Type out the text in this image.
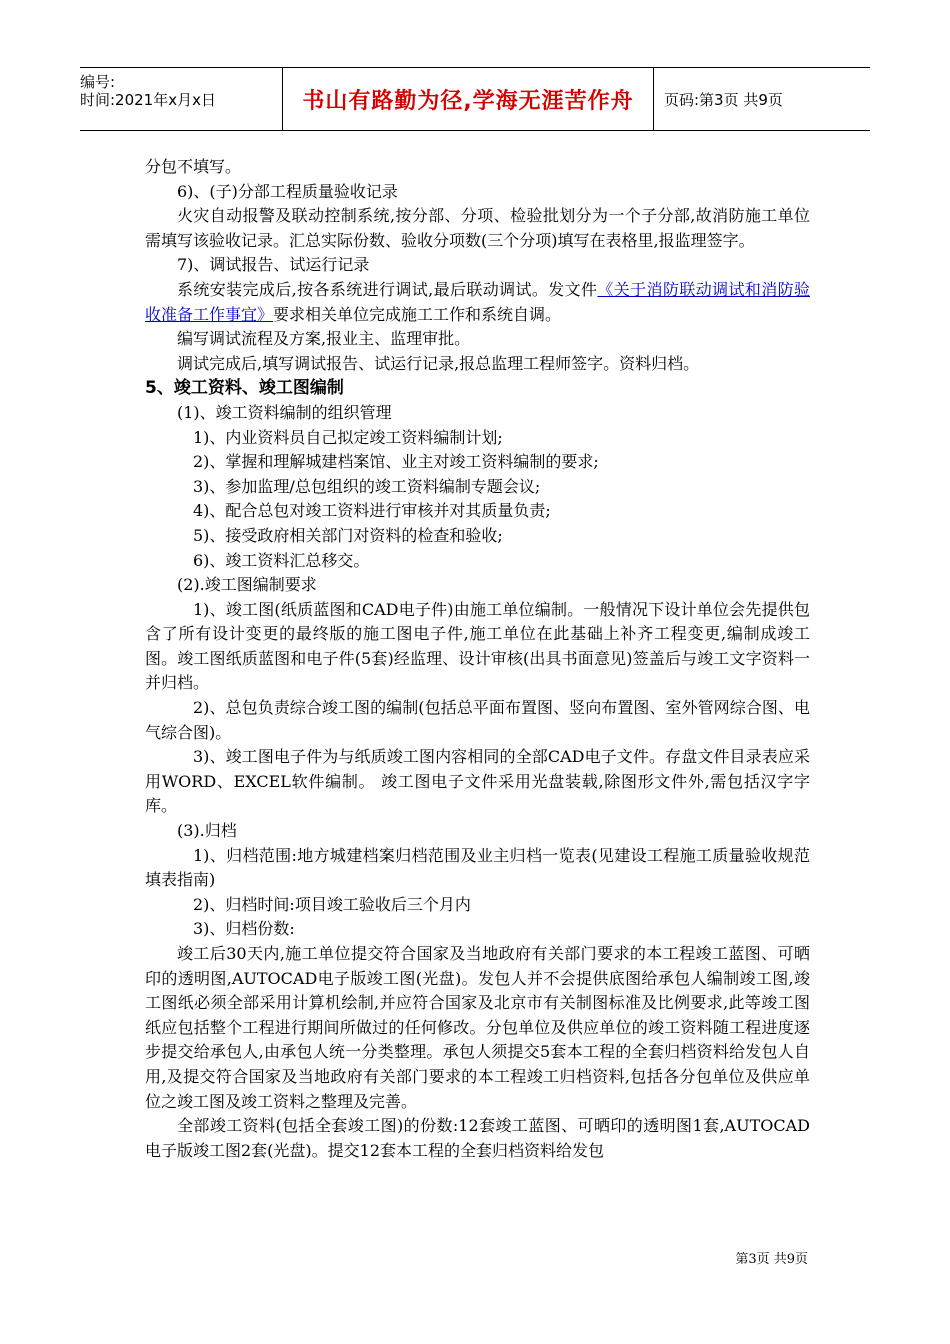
编号:
时间:2021年x月x日	书山有路勤为径,学海无涯苦作舟	页码:第3页 共9页

分包不填写。

6)、(子)分部工程质量验收记录

火灾自动报警及联动控制系统,按分部、分项、检验批划分为一个子分部,故消防施工单位需填写该验收记录。汇总实际份数、验收分项数(三个分项)填写在表格里,报监理签字。

7)、调试报告、试运行记录

系统安装完成后,按各系统进行调试,最后联动调试。发文件《关于消防联动调试和消防验收准备工作事宜》要求相关单位完成施工工作和系统自调。

编写调试流程及方案,报业主、监理审批。

调试完成后,填写调试报告、试运行记录,报总监理工程师签字。资料归档。

5、竣工资料、竣工图编制

(1)、竣工资料编制的组织管理

1)、内业资料员自己拟定竣工资料编制计划;

2)、掌握和理解城建档案馆、业主对竣工资料编制的要求;

3)、参加监理/总包组织的竣工资料编制专题会议;

4)、配合总包对竣工资料进行审核并对其质量负责;

5)、接受政府相关部门对资料的检查和验收;

6)、竣工资料汇总移交。

(2).竣工图编制要求

1)、竣工图(纸质蓝图和CAD电子件)由施工单位编制。一般情况下设计单位会先提供包含了所有设计变更的最终版的施工图电子件,施工单位在此基础上补齐工程变更,编制成竣工图。竣工图纸质蓝图和电子件(5套)经监理、设计审核(出具书面意见)签盖后与竣工文字资料一并归档。

2)、总包负责综合竣工图的编制(包括总平面布置图、竖向布置图、室外管网综合图、电气综合图)。

3)、竣工图电子件为与纸质竣工图内容相同的全部CAD电子文件。存盘文件目录表应采用WORD、EXCEL软件编制。 竣工图电子文件采用光盘装载,除图形文件外,需包括汉字字库。

(3).归档

1)、归档范围:地方城建档案归档范围及业主归档一览表(见建设工程施工质量验收规范填表指南)

2)、归档时间:项目竣工验收后三个月内

3)、归档份数:

竣工后30天内,施工单位提交符合国家及当地政府有关部门要求的本工程竣工蓝图、可晒印的透明图,AUTOCAD电子版竣工图(光盘)。发包人并不会提供底图给承包人编制竣工图,竣工图纸必须全部采用计算机绘制,并应符合国家及北京市有关制图标准及比例要求,此等竣工图纸应包括整个工程进行期间所做过的任何修改。分包单位及供应单位的竣工资料随工程进度逐步提交给承包人,由承包人统一分类整理。承包人须提交5套本工程的全套归档资料给发包人自用,及提交符合国家及当地政府有关部门要求的本工程竣工归档资料,包括各分包单位及供应单位之竣工图及竣工资料之整理及完善。

全部竣工资料(包括全套竣工图)的份数:12套竣工蓝图、可晒印的透明图1套,AUTOCAD电子版竣工图2套(光盘)。提交12套本工程的全套归档资料给发包

第3页 共9页
